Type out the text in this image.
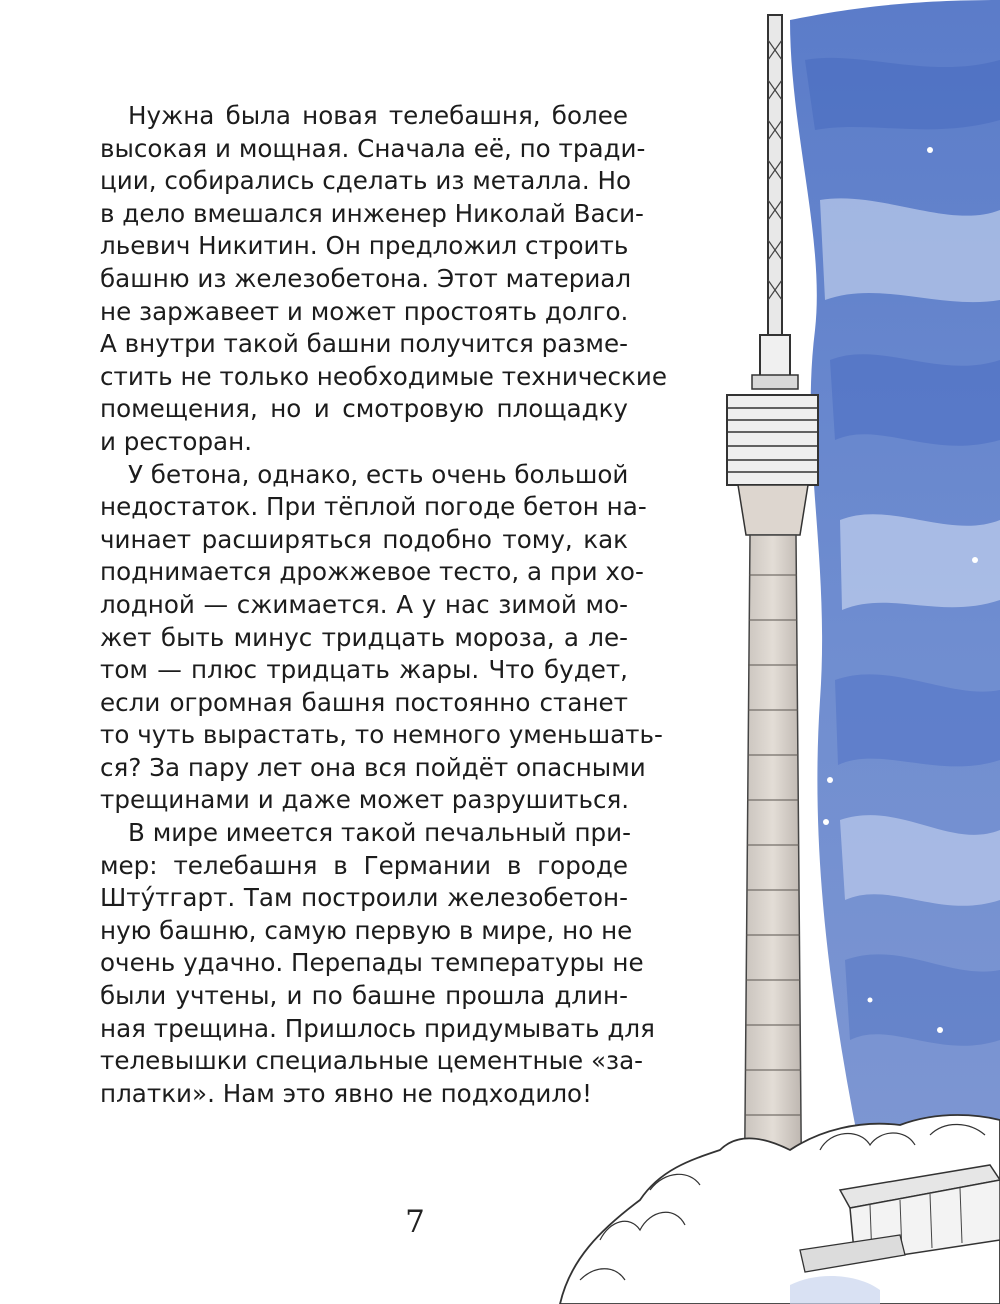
Нужна была новая телебашня, более
высокая и мощная. Сначала её, по тради-
ции, собирались сделать из металла. Но
в дело вмешался инженер Николай Васи-
льевич Никитин. Он предложил строить
башню из железобетона. Этот материал
не заржавеет и может простоять долго.
А внутри такой башни получится разме-
стить не только необходимые технические
помещения, но и смотровую площадку
и ресторан.

У бетона, однако, есть очень большой
недостаток. При тёплой погоде бетон на-
чинает расширяться подобно тому, как
поднимается дрожжевое тесто, а при хо-
лодной — сжимается. А у нас зимой мо-
жет быть минус тридцать мороза, а ле-
том — плюс тридцать жары. Что будет,
если огромная башня постоянно станет
то чуть вырастать, то немного уменьшать-
ся? За пару лет она вся пойдёт опасными
трещинами и даже может разрушиться.

В мире имеется такой печальный при-
мер: телебашня в Германии в городе
Штýтгарт. Там построили железобетон-
ную башню, самую первую в мире, но не
очень удачно. Перепады температуры не
были учтены, и по башне прошла длин-
ная трещина. Пришлось придумывать для
телевышки специальные цементные «за-
платки». Нам это явно не подходило!

7
